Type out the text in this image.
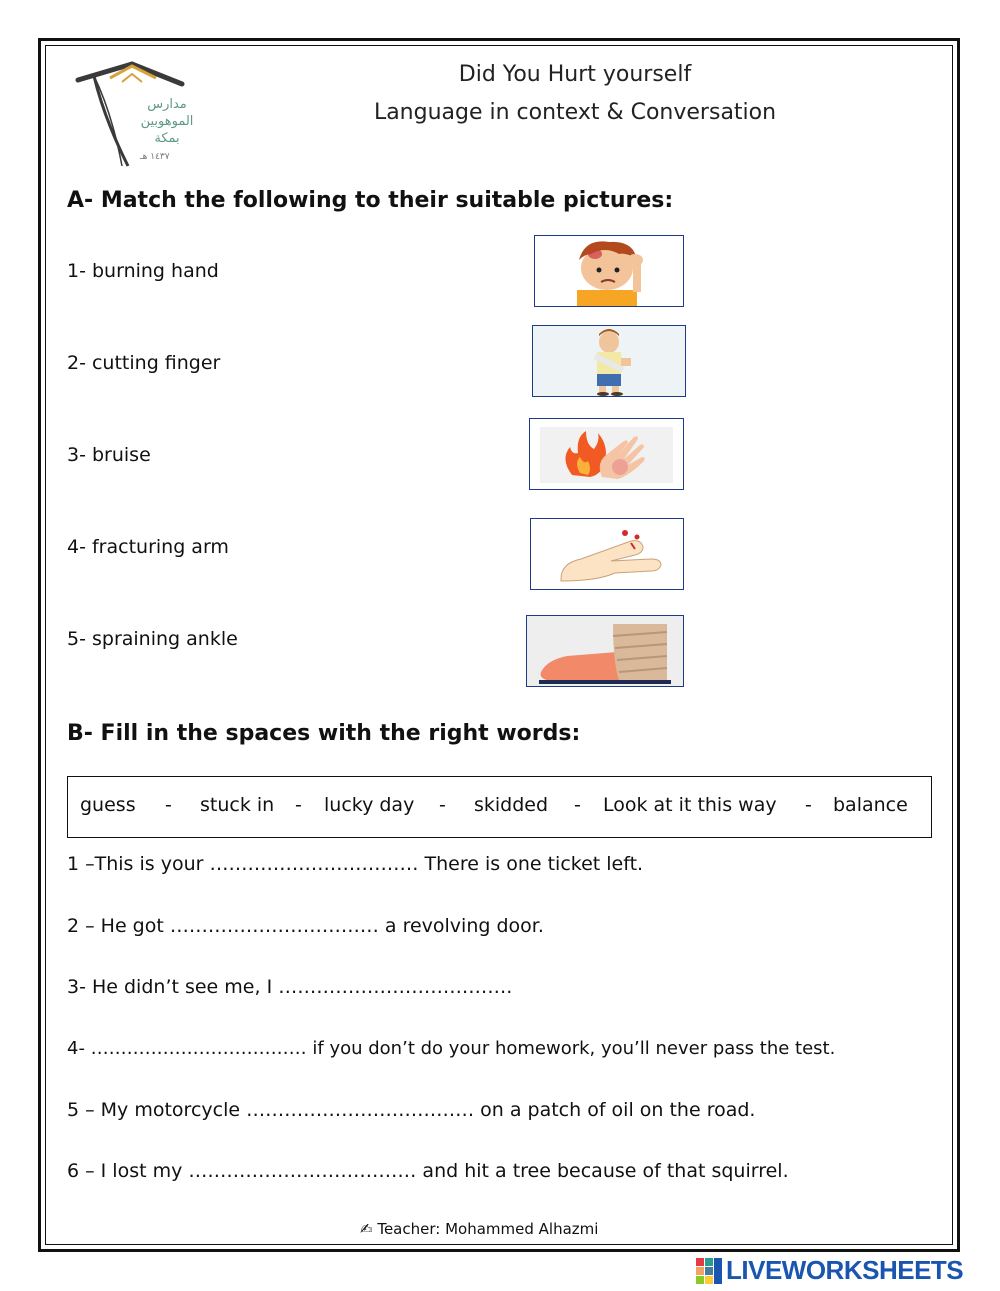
مدارس
الموهوبين
بمكة
١٤٣٧ هـ
Did You Hurt yourself
Language in context & Conversation
A- Match the following to their suitable pictures:
1- burning hand
2- cutting finger
3- bruise
4- fracturing arm
5- spraining ankle
B- Fill in the spaces with the right words:
guess - stuck in - lucky day - skidded - Look at it this way - balance
1 –This is your …………………………… There is one ticket left.
2 – He got …………………………… a revolving door.
3- He didn’t see me, I ……………………………….
4- ……………………………… if you don’t do your homework, you’ll never pass the test.
5 – My motorcycle ……………………………… on a patch of oil on the road.
6 – I lost my ……………………………… and hit a tree because of that squirrel.
✍ Teacher: Mohammed Alhazmi
LIVEWORKSHEETS
